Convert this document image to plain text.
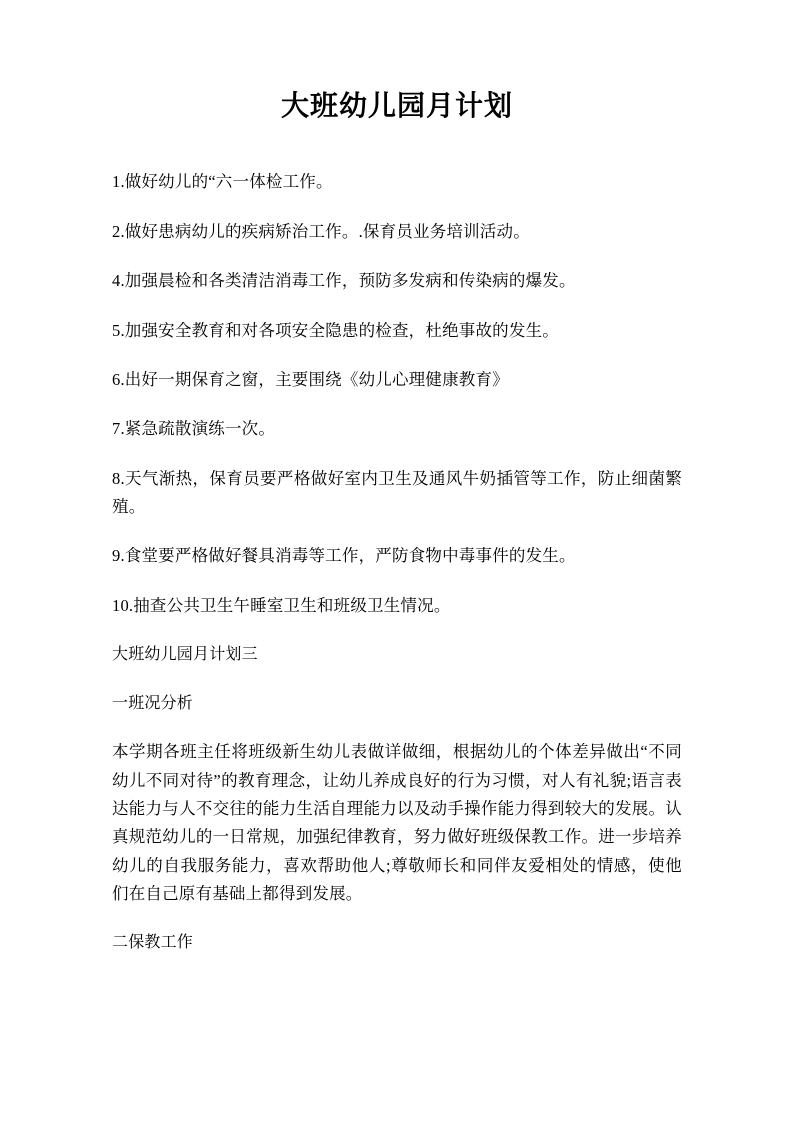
大班幼儿园月计划

1.做好幼儿的“六一体检工作。

2.做好患病幼儿的疾病矫治工作。.保育员业务培训活动。

4.加强晨检和各类清洁消毒工作，预防多发病和传染病的爆发。

5.加强安全教育和对各项安全隐患的检查，杜绝事故的发生。

6.出好一期保育之窗，主要围绕《幼儿心理健康教育》

7.紧急疏散演练一次。

8.天气渐热，保育员要严格做好室内卫生及通风牛奶插管等工作，防止细菌繁殖。

9.食堂要严格做好餐具消毒等工作，严防食物中毒事件的发生。

10.抽查公共卫生午睡室卫生和班级卫生情况。

大班幼儿园月计划三

一班况分析

本学期各班主任将班级新生幼儿表做详做细，根据幼儿的个体差异做出“不同幼儿不同对待”的教育理念，让幼儿养成良好的行为习惯，对人有礼貌;语言表达能力与人不交往的能力生活自理能力以及动手操作能力得到较大的发展。认真规范幼儿的一日常规，加强纪律教育，努力做好班级保教工作。进一步培养幼儿的自我服务能力，喜欢帮助他人;尊敬师长和同伴友爱相处的情感，使他们在自己原有基础上都得到发展。

二保教工作
